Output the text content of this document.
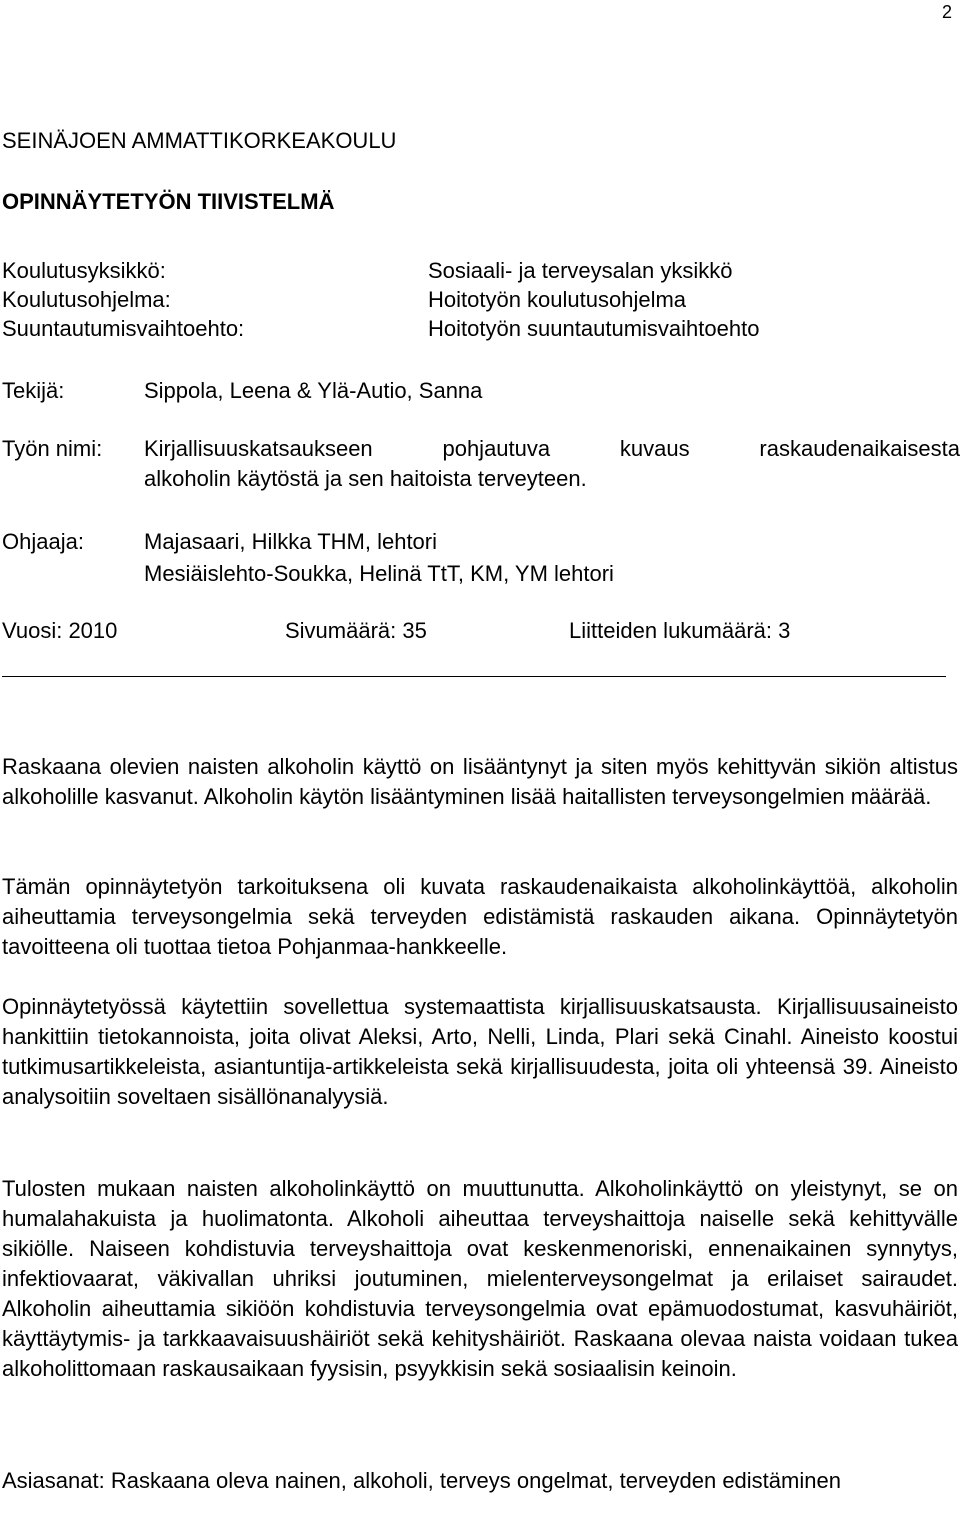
2
SEINÄJOEN AMMATTIKORKEAKOULU
OPINNÄYTETYÖN TIIVISTELMÄ
Koulutusyksikkö:	Sosiaali- ja terveysalan yksikkö
Koulutusohjelma:	Hoitotyön koulutusohjelma
Suuntautumisvaihtoehto:	Hoitotyön suuntautumisvaihtoehto
Tekijä:	Sippola, Leena & Ylä-Autio, Sanna
Työn nimi:	Kirjallisuuskatsaukseen pohjautuva kuvaus raskaudenaikaisesta
alkoholin käytöstä ja sen haitoista terveyteen.
Ohjaaja:	Majasaari, Hilkka THM, lehtori
Mesiäislehto-Soukka, Helinä TtT, KM, YM lehtori
Vuosi: 2010	Sivumäärä: 35	Liitteiden lukumäärä: 3

Raskaana olevien naisten alkoholin käyttö on lisääntynyt ja siten myös kehittyvän sikiön altistus alkoholille kasvanut. Alkoholin käytön lisääntyminen lisää haitallisten terveysongelmien määrää.

Tämän opinnäytetyön tarkoituksena oli kuvata raskaudenaikaista alkoholinkäyttöä, alkoholin aiheuttamia terveysongelmia sekä terveyden edistämistä raskauden aikana. Opinnäytetyön tavoitteena oli tuottaa tietoa Pohjanmaa-hankkeelle.

Opinnäytetyössä käytettiin sovellettua systemaattista kirjallisuuskatsausta. Kirjallisuusaineisto hankittiin tietokannoista, joita olivat Aleksi, Arto, Nelli, Linda, Plari sekä Cinahl. Aineisto koostui tutkimusartikkeleista, asiantuntija-artikkeleista sekä kirjallisuudesta, joita oli yhteensä 39. Aineisto analysoitiin soveltaen sisällönanalyysiä.

Tulosten mukaan naisten alkoholinkäyttö on muuttunutta. Alkoholinkäyttö on yleistynyt, se on humalahakuista ja huolimatonta. Alkoholi aiheuttaa terveyshaittoja naiselle sekä kehittyvälle sikiölle. Naiseen kohdistuvia terveyshaittoja ovat keskenmenoriski, ennenaikainen synnytys, infektiovaarat, väkivallan uhriksi joutuminen, mielenterveysongelmat ja erilaiset sairaudet. Alkoholin aiheuttamia sikiöön kohdistuvia terveysongelmia ovat epämuodostumat, kasvuhäiriöt, käyttäytymis- ja tarkkaavaisuushäiriöt sekä kehityshäiriöt. Raskaana olevaa naista voidaan tukea alkoholittomaan raskausaikaan fyysisin, psyykkisin sekä sosiaalisin keinoin.

Asiasanat: Raskaana oleva nainen, alkoholi, terveys ongelmat, terveyden edistäminen
